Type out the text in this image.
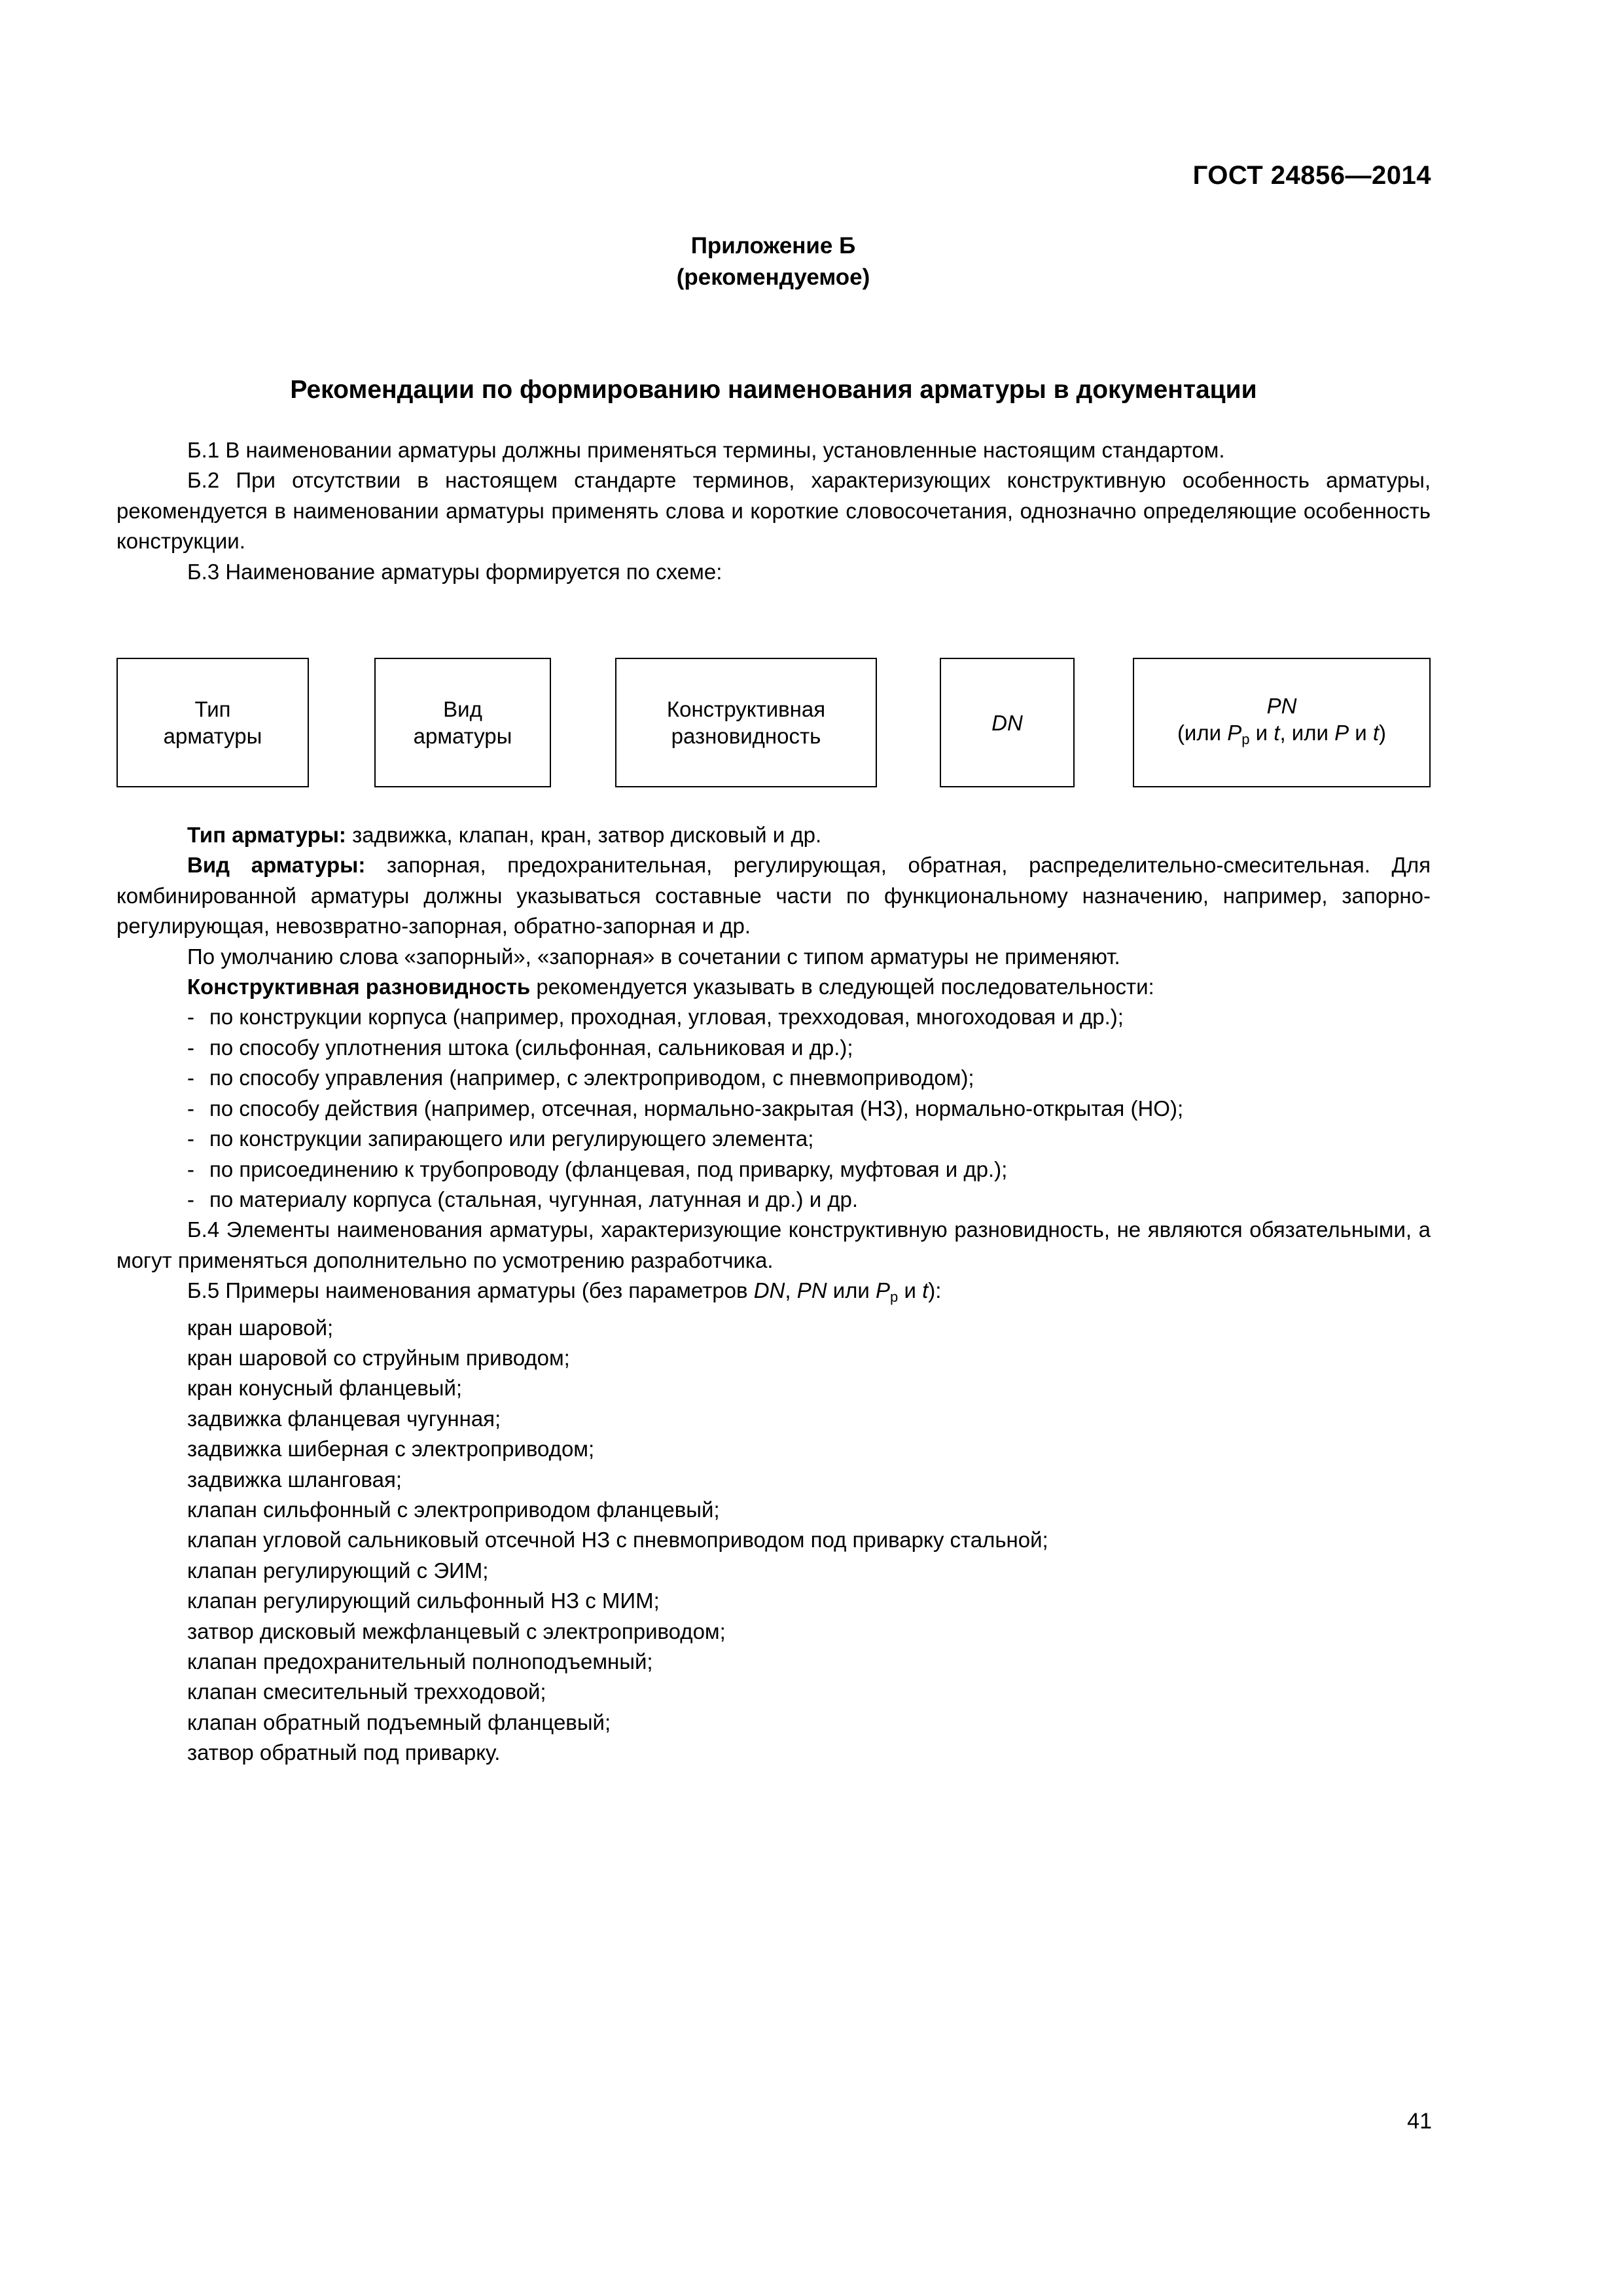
ГОСТ 24856—2014
Приложение Б
(рекомендуемое)
Рекомендации по формированию наименования арматуры в документации

Б.1 В наименовании арматуры должны применяться термины, установленные настоящим стандартом.

Б.2 При отсутствии в настоящем стандарте терминов, характеризующих конструктивную особенность арматуры, рекомендуется в наименовании арматуры применять слова и короткие словосочетания, однозначно определяющие особенность конструкции.

Б.3 Наименование арматуры формируется по схеме:

Тип
арматуры
Вид
арматуры
Конструктивная
разновидность
DN
PN
(или $P_р$ и t, или P и t)

Тип арматуры: задвижка, клапан, кран, затвор дисковый и др.

Вид арматуры: запорная, предохранительная, регулирующая, обратная, распределительно-смесительная. Для комбинированной арматуры должны указываться составные части по функциональному назначению, например, запорно-регулирующая, невозвратно-запорная, обратно-запорная и др.

По умолчанию слова «запорный», «запорная» в сочетании с типом арматуры не применяют.

Конструктивная разновидность рекомендуется указывать в следующей последовательности:

- по конструкции корпуса (например, проходная, угловая, трехходовая, многоходовая и др.);

- по способу уплотнения штока (сильфонная, сальниковая и др.);

- по способу управления (например, с электроприводом, с пневмоприводом);

- по способу действия (например, отсечная, нормально-закрытая (НЗ), нормально-открытая (НО);

- по конструкции запирающего или регулирующего элемента;

- по присоединению к трубопроводу (фланцевая, под приварку, муфтовая и др.);

- по материалу корпуса (стальная, чугунная, латунная и др.) и др.

Б.4 Элементы наименования арматуры, характеризующие конструктивную разновидность, не являются обязательными, а могут применяться дополнительно по усмотрению разработчика.

Б.5 Примеры наименования арматуры (без параметров DN, PN или $P_р$ и t):

кран шаровой;

кран шаровой со струйным приводом;

кран конусный фланцевый;

задвижка фланцевая чугунная;

задвижка шиберная с электроприводом;

задвижка шланговая;

клапан сильфонный с электроприводом фланцевый;

клапан угловой сальниковый отсечной НЗ с пневмоприводом под приварку стальной;

клапан регулирующий с ЭИМ;

клапан регулирующий сильфонный НЗ с МИМ;

затвор дисковый межфланцевый с электроприводом;

клапан предохранительный полноподъемный;

клапан смесительный трехходовой;

клапан обратный подъемный фланцевый;

затвор обратный под приварку.

41
